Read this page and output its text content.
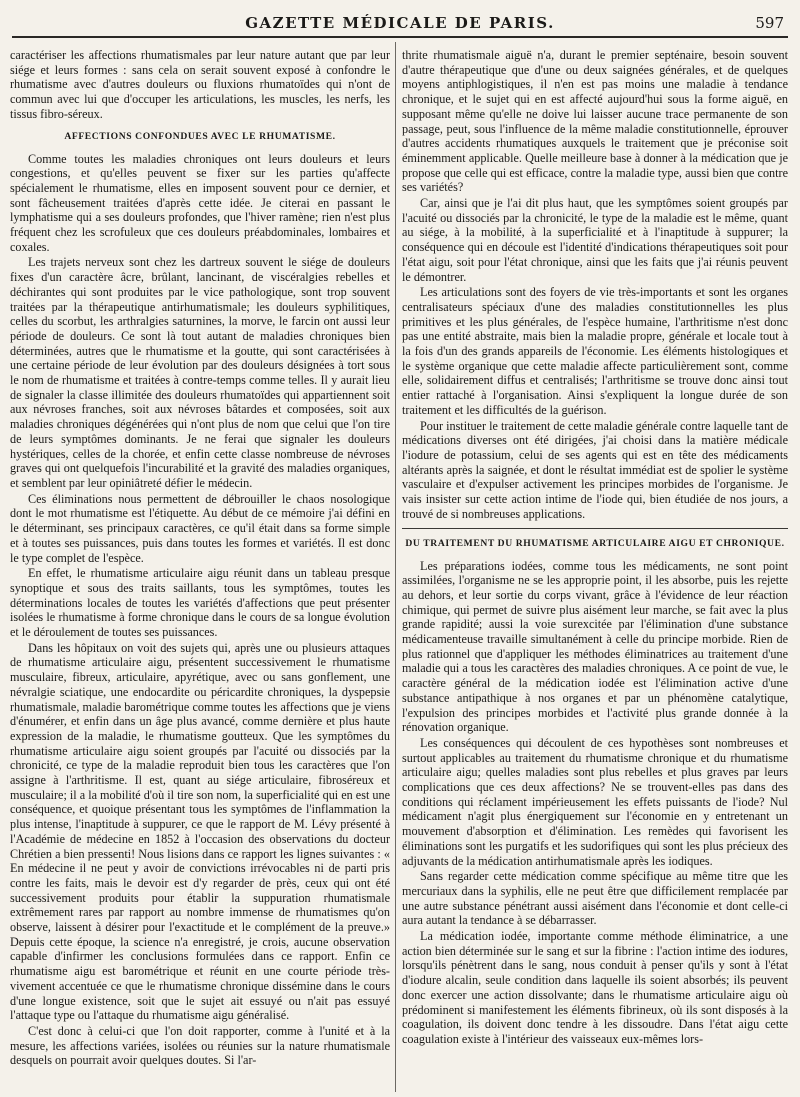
GAZETTE MÉDICALE DE PARIS.	597

caractériser les affections rhumatismales par leur nature autant que par leur siége et leurs formes : sans cela on serait souvent exposé à confondre le rhumatisme avec d'autres douleurs ou fluxions rhumatoïdes qui n'ont de commun avec lui que d'occuper les articulations, les muscles, les nerfs, les tissus fibro-séreux.

AFFECTIONS CONFONDUES AVEC LE RHUMATISME.

Comme toutes les maladies chroniques ont leurs douleurs et leurs congestions, et qu'elles peuvent se fixer sur les parties qu'affecte spécialement le rhumatisme, elles en imposent souvent pour ce dernier, et sont fâcheusement traitées d'après cette idée. Je citerai en passant le lymphatisme qui a ses douleurs profondes, que l'hiver ramène; rien n'est plus fréquent chez les scrofuleux que ces douleurs préabdominales, lombaires et coxales.

Les trajets nerveux sont chez les dartreux souvent le siége de douleurs fixes d'un caractère âcre, brûlant, lancinant, de viscéralgies rebelles et déchirantes qui sont produites par le vice pathologique, sont trop souvent traitées par la thérapeutique antirhumatismale; les douleurs syphilitiques, celles du scorbut, les arthralgies saturnines, la morve, le farcin ont aussi leur période de douleurs. Ce sont là tout autant de maladies chroniques bien déterminées, autres que le rhumatisme et la goutte, qui sont caractérisées à une certaine période de leur évolution par des douleurs désignées à tort sous le nom de rhumatisme et traitées à contre-temps comme telles. Il y aurait lieu de signaler la classe illimitée des douleurs rhumatoïdes qui appartiennent soit aux névroses franches, soit aux névroses bâtardes et composées, soit aux maladies chroniques dégénérées qui n'ont plus de nom que celui que l'on tire de leurs symptômes dominants. Je ne ferai que signaler les douleurs hystériques, celles de la chorée, et enfin cette classe nombreuse de névroses graves qui ont quelquefois l'incurabilité et la gravité des maladies organiques, et semblent par leur opiniâtreté défier le médecin.

Ces éliminations nous permettent de débrouiller le chaos nosologique dont le mot rhumatisme est l'étiquette. Au début de ce mémoire j'ai défini en le déterminant, ses principaux caractères, ce qu'il était dans sa forme simple et à toutes ses puissances, puis dans toutes les formes et variétés. Il est donc le type complet de l'espèce.

En effet, le rhumatisme articulaire aigu réunit dans un tableau presque synoptique et sous des traits saillants, tous les symptômes, toutes les déterminations locales de toutes les variétés d'affections que peut présenter isolées le rhumatisme à forme chronique dans le cours de sa longue évolution et le déroulement de toutes ses puissances.

Dans les hôpitaux on voit des sujets qui, après une ou plusieurs attaques de rhumatisme articulaire aigu, présentent successivement le rhumatisme musculaire, fibreux, articulaire, apyrétique, avec ou sans gonflement, une névralgie sciatique, une endocardite ou péricardite chroniques, la dyspepsie rhumatismale, maladie barométrique comme toutes les affections que je viens d'énumérer, et enfin dans un âge plus avancé, comme dernière et plus haute expression de la maladie, le rhumatisme goutteux. Que les symptômes du rhumatisme articulaire aigu soient groupés par l'acuité ou dissociés par la chronicité, ce type de la maladie reproduit bien tous les caractères que l'on assigne à l'arthritisme. Il est, quant au siége articulaire, fibroséreux et musculaire; il a la mobilité d'où il tire son nom, la superficialité qui en est une conséquence, et quoique présentant tous les symptômes de l'inflammation la plus intense, l'inaptitude à suppurer, ce que le rapport de M. Lévy présenté à l'Académie de médecine en 1852 à l'occasion des observations du docteur Chrétien a bien pressenti! Nous lisions dans ce rapport les lignes suivantes : « En médecine il ne peut y avoir de convictions irrévocables ni de parti pris contre les faits, mais le devoir est d'y regarder de près, ceux qui ont été successivement produits pour établir la suppuration rhumatismale extrêmement rares par rapport au nombre immense de rhumatismes qu'on observe, laissent à désirer pour l'exactitude et le complément de la preuve.» Depuis cette époque, la science n'a enregistré, je crois, aucune observation capable d'infirmer les conclusions formulées dans ce rapport. Enfin ce rhumatisme aigu est barométrique et réunit en une courte période très-vivement accentuée ce que le rhumatisme chronique dissémine dans le cours d'une longue existence, soit que le sujet ait essuyé ou n'ait pas essuyé l'attaque type ou l'attaque du rhumatisme aigu généralisé.

C'est donc à celui-ci que l'on doit rapporter, comme à l'unité et à la mesure, les affections variées, isolées ou réunies sur la nature rhumatismale desquels on pourrait avoir quelques doutes. Si l'ar-

thrite rhumatismale aiguë n'a, durant le premier septénaire, besoin souvent d'autre thérapeutique que d'une ou deux saignées générales, et de quelques moyens antiphlogistiques, il n'en est pas moins une maladie à tendance chronique, et le sujet qui en est affecté aujourd'hui sous la forme aiguë, en supposant même qu'elle ne doive lui laisser aucune trace permanente de son passage, peut, sous l'influence de la même maladie constitutionnelle, éprouver d'autres accidents rhumatiques auxquels le traitement que je préconise soit éminemment applicable. Quelle meilleure base à donner à la médication que je propose que celle qui est efficace, contre la maladie type, aussi bien que contre ses variétés?

Car, ainsi que je l'ai dit plus haut, que les symptômes soient groupés par l'acuité ou dissociés par la chronicité, le type de la maladie est le même, quant au siége, à la mobilité, à la superficialité et à l'inaptitude à suppurer; la conséquence qui en découle est l'identité d'indications thérapeutiques soit pour l'état aigu, soit pour l'état chronique, ainsi que les faits que j'ai réunis peuvent le démontrer.

Les articulations sont des foyers de vie très-importants et sont les organes centralisateurs spéciaux d'une des maladies constitutionnelles les plus primitives et les plus générales, de l'espèce humaine, l'arthritisme n'est donc pas une entité abstraite, mais bien la maladie propre, générale et locale tout à la fois d'un des grands appareils de l'économie. Les éléments histologiques et le système organique que cette maladie affecte particulièrement sont, comme elle, solidairement diffus et centralisés; l'arthritisme se trouve donc ainsi tout entier rattaché à l'organisation. Ainsi s'expliquent la longue durée de son traitement et les difficultés de la guérison.

Pour instituer le traitement de cette maladie générale contre laquelle tant de médications diverses ont été dirigées, j'ai choisi dans la matière médicale l'iodure de potassium, celui de ses agents qui est en tête des médicaments altérants après la saignée, et dont le résultat immédiat est de spolier le système vasculaire et d'expulser activement les principes morbides de l'organisme. Je vais insister sur cette action intime de l'iode qui, bien étudiée de nos jours, a trouvé de si nombreuses applications.

DU TRAITEMENT DU RHUMATISME ARTICULAIRE AIGU ET CHRONIQUE.

Les préparations iodées, comme tous les médicaments, ne sont point assimilées, l'organisme ne se les approprie point, il les absorbe, puis les rejette au dehors, et leur sortie du corps vivant, grâce à l'évidence de leur réaction chimique, qui permet de suivre plus aisément leur marche, se fait avec la plus grande rapidité; aussi la voie surexcitée par l'élimination d'une substance médicamenteuse travaille simultanément à celle du principe morbide. Rien de plus rationnel que d'appliquer les méthodes éliminatrices au traitement d'une maladie qui a tous les caractères des maladies chroniques. A ce point de vue, le caractère général de la médication iodée est l'élimination active d'une substance antipathique à nos organes et par un phénomène catalytique, l'expulsion des principes morbides et l'activité plus grande donnée à la rénovation organique.

Les conséquences qui découlent de ces hypothèses sont nombreuses et surtout applicables au traitement du rhumatisme chronique et du rhumatisme articulaire aigu; quelles maladies sont plus rebelles et plus graves par leurs complications que ces deux affections? Ne se trouvent-elles pas dans des conditions qui réclament impérieusement les effets puissants de l'iode? Nul médicament n'agit plus énergiquement sur l'économie en y entretenant un mouvement d'absorption et d'élimination. Les remèdes qui favorisent les éliminations sont les purgatifs et les sudorifiques qui sont les plus précieux des adjuvants de la médication antirhumatismale après les iodiques.

Sans regarder cette médication comme spécifique au même titre que les mercuriaux dans la syphilis, elle ne peut être que difficilement remplacée par une autre substance pénétrant aussi aisément dans l'économie et dont celle-ci aura autant la tendance à se débarrasser.

La médication iodée, importante comme méthode éliminatrice, a une action bien déterminée sur le sang et sur la fibrine : l'action intime des iodures, lorsqu'ils pénètrent dans le sang, nous conduit à penser qu'ils y sont à l'état d'iodure alcalin, seule condition dans laquelle ils soient absorbés; ils peuvent donc exercer une action dissolvante; dans le rhumatisme articulaire aigu où prédominent si manifestement les éléments fibrineux, où ils sont disposés à la coagulation, ils doivent donc tendre à les dissoudre. Dans l'état aigu cette coagulation existe à l'intérieur des vaisseaux eux-mêmes lors-
